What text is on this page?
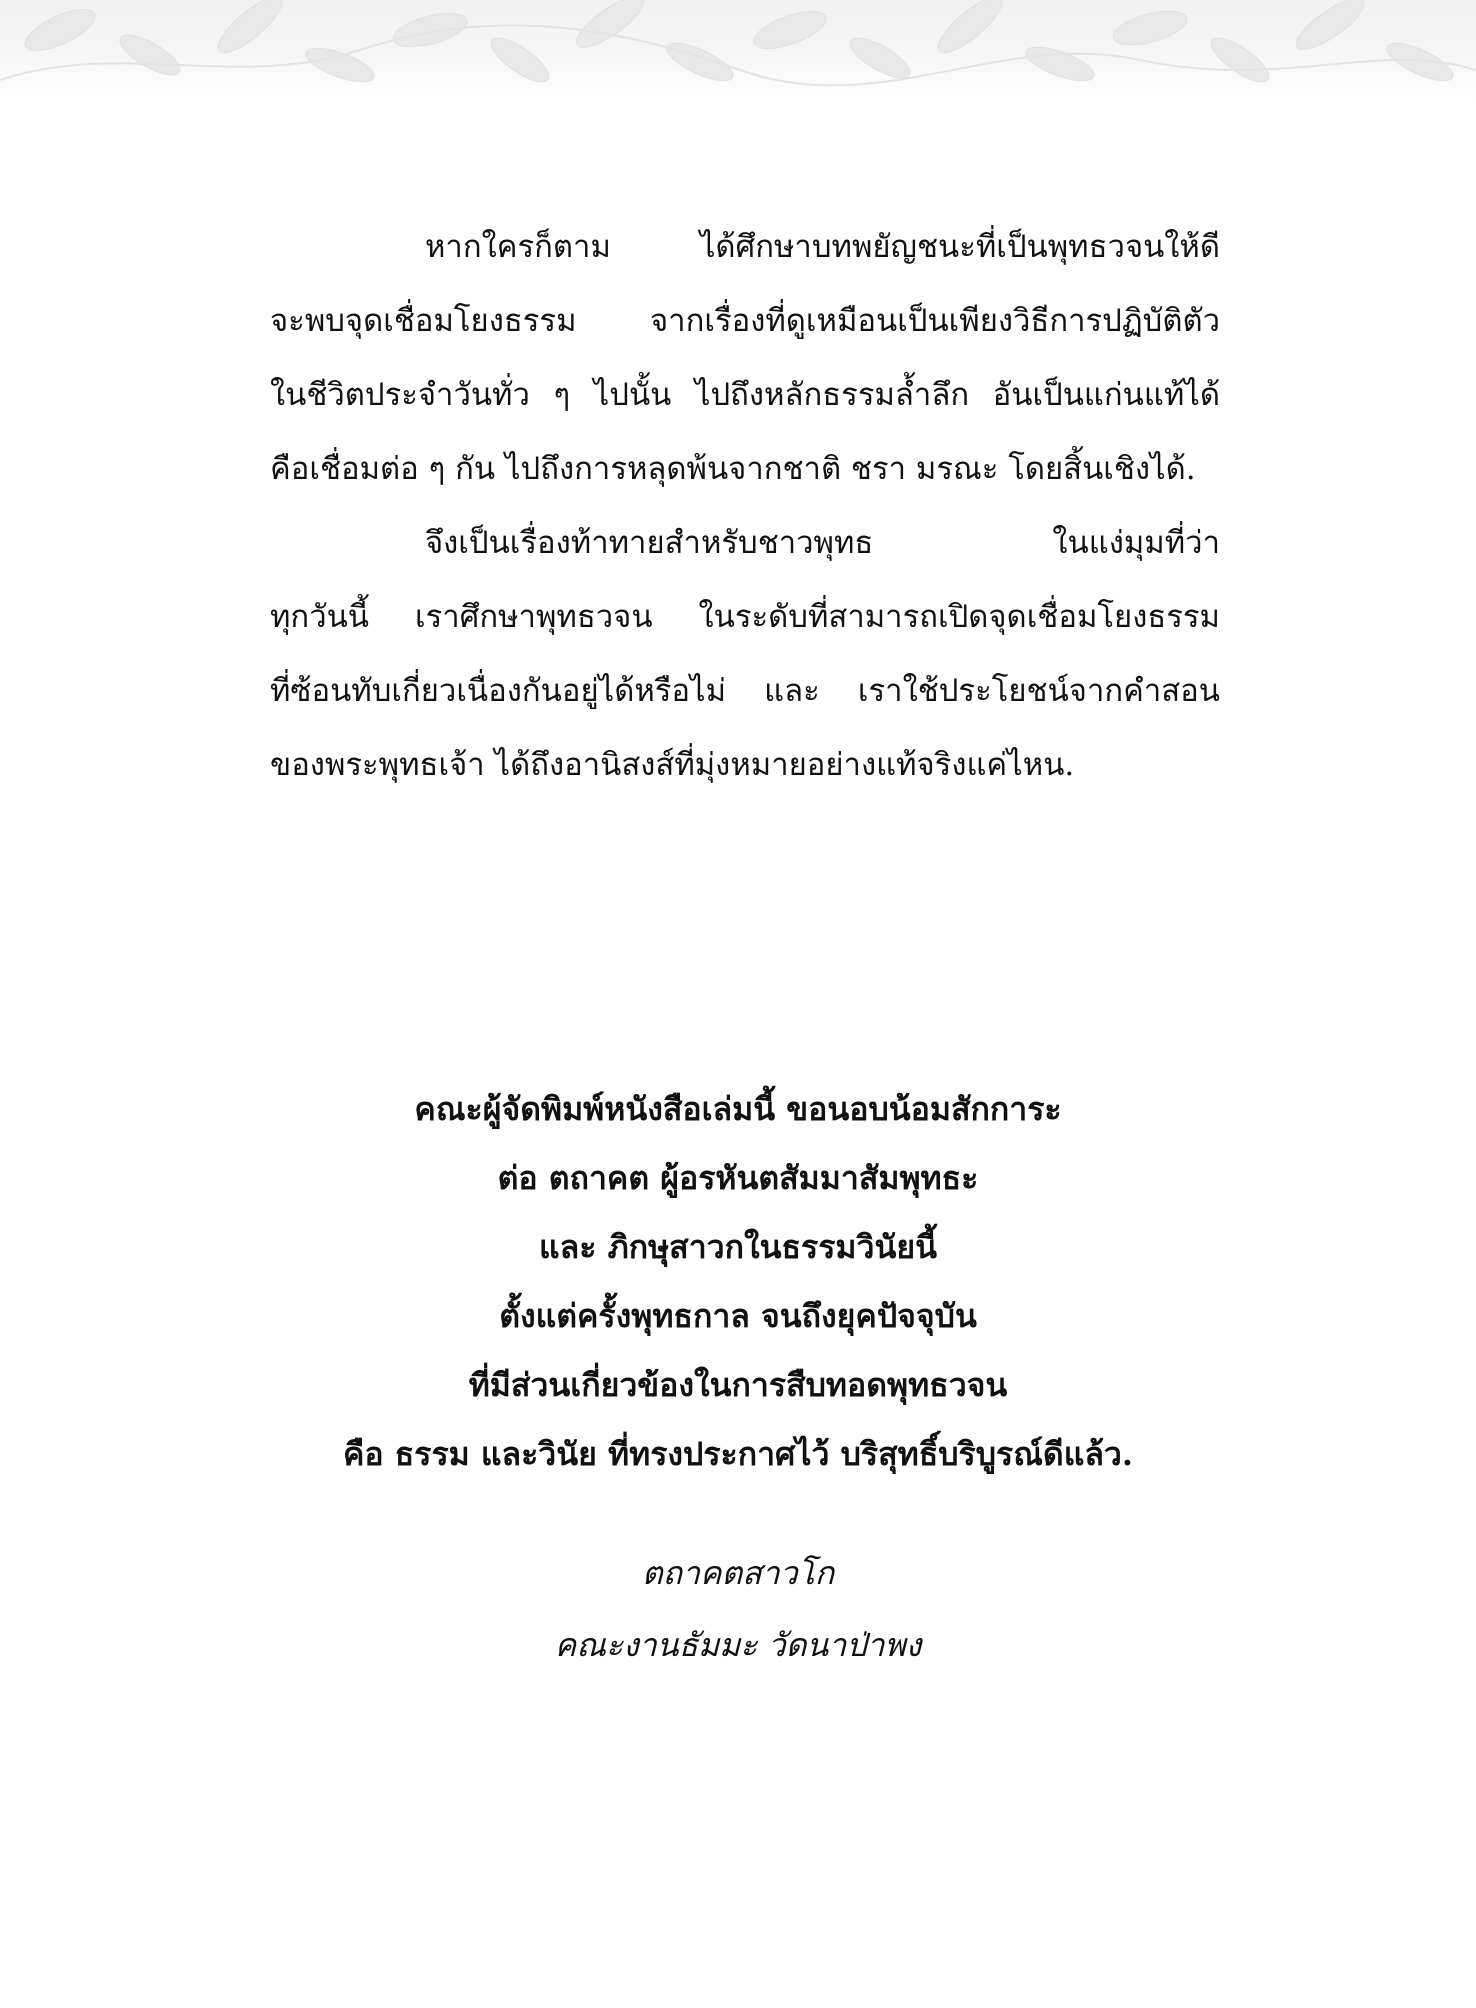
หากใครก็ตาม ได้ศึกษาบทพยัญชนะที่เป็นพุทธวจนให้ดี
จะพบจุดเชื่อมโยงธรรม จากเรื่องที่ดูเหมือนเป็นเพียงวิธีการปฏิบัติตัว
ในชีวิตประจำวันทั่ว ๆ ไปนั้น ไปถึงหลักธรรมล้ำลึก อันเป็นแก่นแท้ได้
คือเชื่อมต่อ ๆ กัน ไปถึงการหลุดพ้นจากชาติ ชรา มรณะ โดยสิ้นเชิงได้.
จึงเป็นเรื่องท้าทายสำหรับชาวพุทธ ในแง่มุมที่ว่า
ทุกวันนี้ เราศึกษาพุทธวจน ในระดับที่สามารถเปิดจุดเชื่อมโยงธรรม
ที่ซ้อนทับเกี่ยวเนื่องกันอยู่ได้หรือไม่ และ เราใช้ประโยชน์จากคำสอน
ของพระพุทธเจ้า ได้ถึงอานิสงส์ที่มุ่งหมายอย่างแท้จริงแค่ไหน.
คณะผู้จัดพิมพ์หนังสือเล่มนี้ ขอนอบน้อมสักการะ
ต่อ ตถาคต ผู้อรหันตสัมมาสัมพุทธะ
และ ภิกษุสาวกในธรรมวินัยนี้
ตั้งแต่ครั้งพุทธกาล จนถึงยุคปัจจุบัน
ที่มีส่วนเกี่ยวข้องในการสืบทอดพุทธวจน
คือ ธรรม และวินัย ที่ทรงประกาศไว้ บริสุทธิ์บริบูรณ์ดีแล้ว.
ตถาคตสาวโก
คณะงานธัมมะ วัดนาป่าพง
